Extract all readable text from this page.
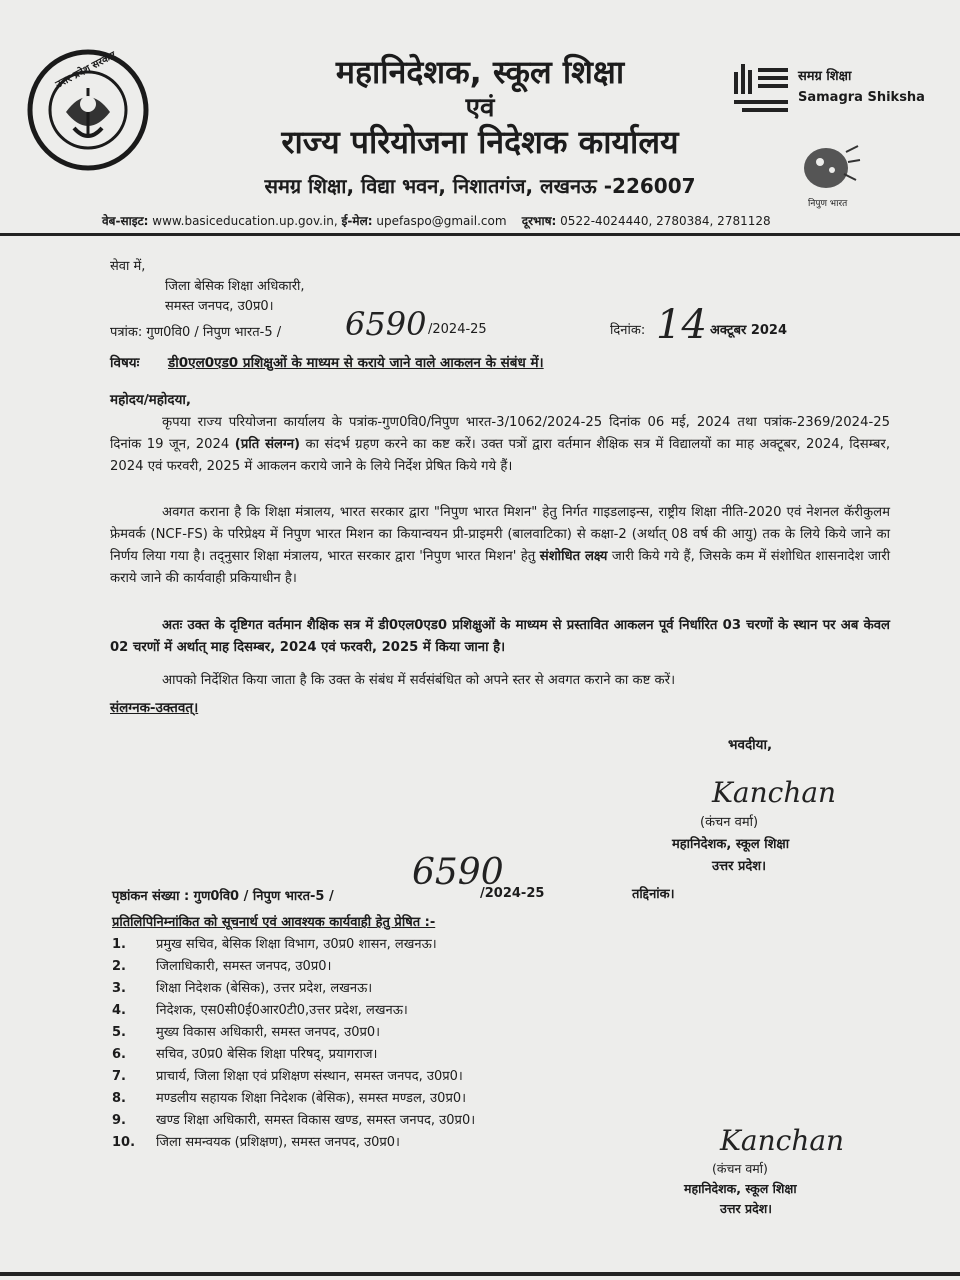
उत्तर प्रदेश सरकार	महानिदेशक, स्कूल शिक्षा
एवं
राज्य परियोजना निदेशक कार्यालय
समग्र शिक्षा, विद्या भवन, निशातगंज, लखनऊ -226007
समग्र शिक्षा
Samagra Shiksha
निपुण भारत
वेब-साइट: www.basiceducation.up.gov.in, ई-मेल: upefaspo@gmail.com दूरभाष: 0522-4024440, 2780384, 2781128
सेवा में,
जिला बेसिक शिक्षा अधिकारी,
समस्त जनपद, उ0प्र0।
पत्रांक: गुण0वि0 / निपुण भारत-5 / 6590 /2024-25	दिनांक: 14 अक्टूबर 2024
विषयः डी0एल0एड0 प्रशिक्षुओं के माध्यम से कराये जाने वाले आकलन के संबंध में।
महोदय/महोदया,
कृपया राज्य परियोजना कार्यालय के पत्रांक-गुण0वि0/निपुण भारत-3/1062/2024-25 दिनांक 06 मई, 2024 तथा पत्रांक-2369/2024-25 दिनांक 19 जून, 2024 (प्रति संलग्न) का संदर्भ ग्रहण करने का कष्ट करें। उक्त पत्रों द्वारा वर्तमान शैक्षिक सत्र में विद्यालयों का माह अक्टूबर, 2024, दिसम्बर, 2024 एवं फरवरी, 2025 में आकलन कराये जाने के लिये निर्देश प्रेषित किये गये हैं।
अवगत कराना है कि शिक्षा मंत्रालय, भारत सरकार द्वारा "निपुण भारत मिशन" हेतु निर्गत गाइडलाइन्स, राष्ट्रीय शिक्षा नीति-2020 एवं नेशनल कॅरीकुलम फ्रेमवर्क (NCF-FS) के परिप्रेक्ष्य में निपुण भारत मिशन का कियान्वयन प्री-प्राइमरी (बालवाटिका) से कक्षा-2 (अर्थात् 08 वर्ष की आयु) तक के लिये किये जाने का निर्णय लिया गया है। तद्नुसार शिक्षा मंत्रालय, भारत सरकार द्वारा 'निपुण भारत मिशन' हेतु संशोधित लक्ष्य जारी किये गये हैं, जिसके कम में संशोधित शासनादेश जारी कराये जाने की कार्यवाही प्रकियाधीन है।
अतः उक्त के दृष्टिगत वर्तमान शैक्षिक सत्र में डी0एल0एड0 प्रशिक्षुओं के माध्यम से प्रस्तावित आकलन पूर्व निर्धारित 03 चरणों के स्थान पर अब केवल 02 चरणों में अर्थात् माह दिसम्बर, 2024 एवं फरवरी, 2025 में किया जाना है।
आपको निर्देशित किया जाता है कि उक्त के संबंध में सर्वसंबंधित को अपने स्तर से अवगत कराने का कष्ट करें।
संलग्नक-उक्तवत्।
भवदीया,
Kanchan
(कंचन वर्मा)
महानिदेशक, स्कूल शिक्षा
उत्तर प्रदेश।
पृष्ठांकन संख्या : गुण0वि0 / निपुण भारत-5 /
6590
/2024-25	तद्दिनांक।
प्रतिलिपिनिम्नांकित को सूचनार्थ एवं आवश्यक कार्यवाही हेतु प्रेषित :-
1. प्रमुख सचिव, बेसिक शिक्षा विभाग, उ0प्र0 शासन, लखनऊ।
2. जिलाधिकारी, समस्त जनपद, उ0प्र0।
3. शिक्षा निदेशक (बेसिक), उत्तर प्रदेश, लखनऊ।
4. निदेशक, एस0सी0ई0आर0टी0,उत्तर प्रदेश, लखनऊ।
5. मुख्य विकास अधिकारी, समस्त जनपद, उ0प्र0।
6. सचिव, उ0प्र0 बेसिक शिक्षा परिषद्, प्रयागराज।
7. प्राचार्य, जिला शिक्षा एवं प्रशिक्षण संस्थान, समस्त जनपद, उ0प्र0।
8. मण्डलीय सहायक शिक्षा निदेशक (बेसिक), समस्त मण्डल, उ0प्र0।
9. खण्ड शिक्षा अधिकारी, समस्त विकास खण्ड, समस्त जनपद, उ0प्र0।
10. जिला समन्वयक (प्रशिक्षण), समस्त जनपद, उ0प्र0।	Kanchan
(कंचन वर्मा)
महानिदेशक, स्कूल शिक्षा
उत्तर प्रदेश।
